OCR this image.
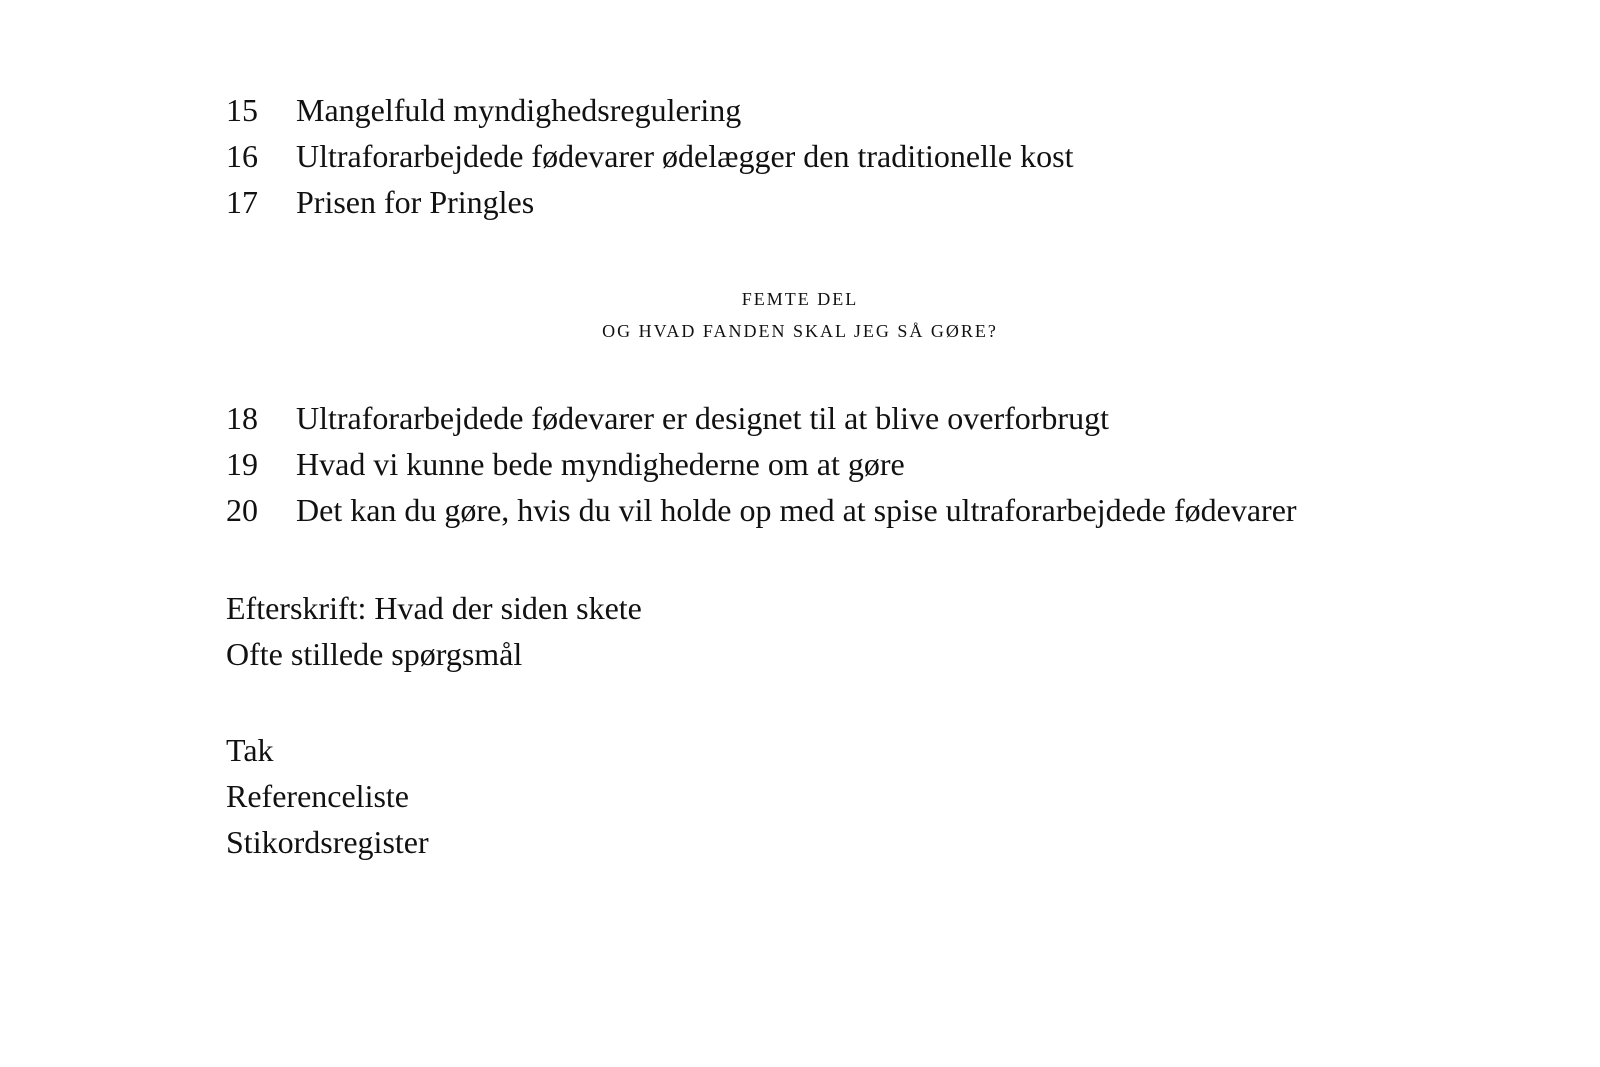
15 Mangelfuld myndighedsregulering
16 Ultraforarbejdede fødevarer ødelægger den traditionelle kost
17 Prisen for Pringles
FEMTE DEL
OG HVAD FANDEN SKAL JEG SÅ GØRE?
18 Ultraforarbejdede fødevarer er designet til at blive overforbrugt
19 Hvad vi kunne bede myndighederne om at gøre
20 Det kan du gøre, hvis du vil holde op med at spise ultraforarbejdede fødevarer
Efterskrift: Hvad der siden skete
Ofte stillede spørgsmål
Tak
Referenceliste
Stikordsregister
